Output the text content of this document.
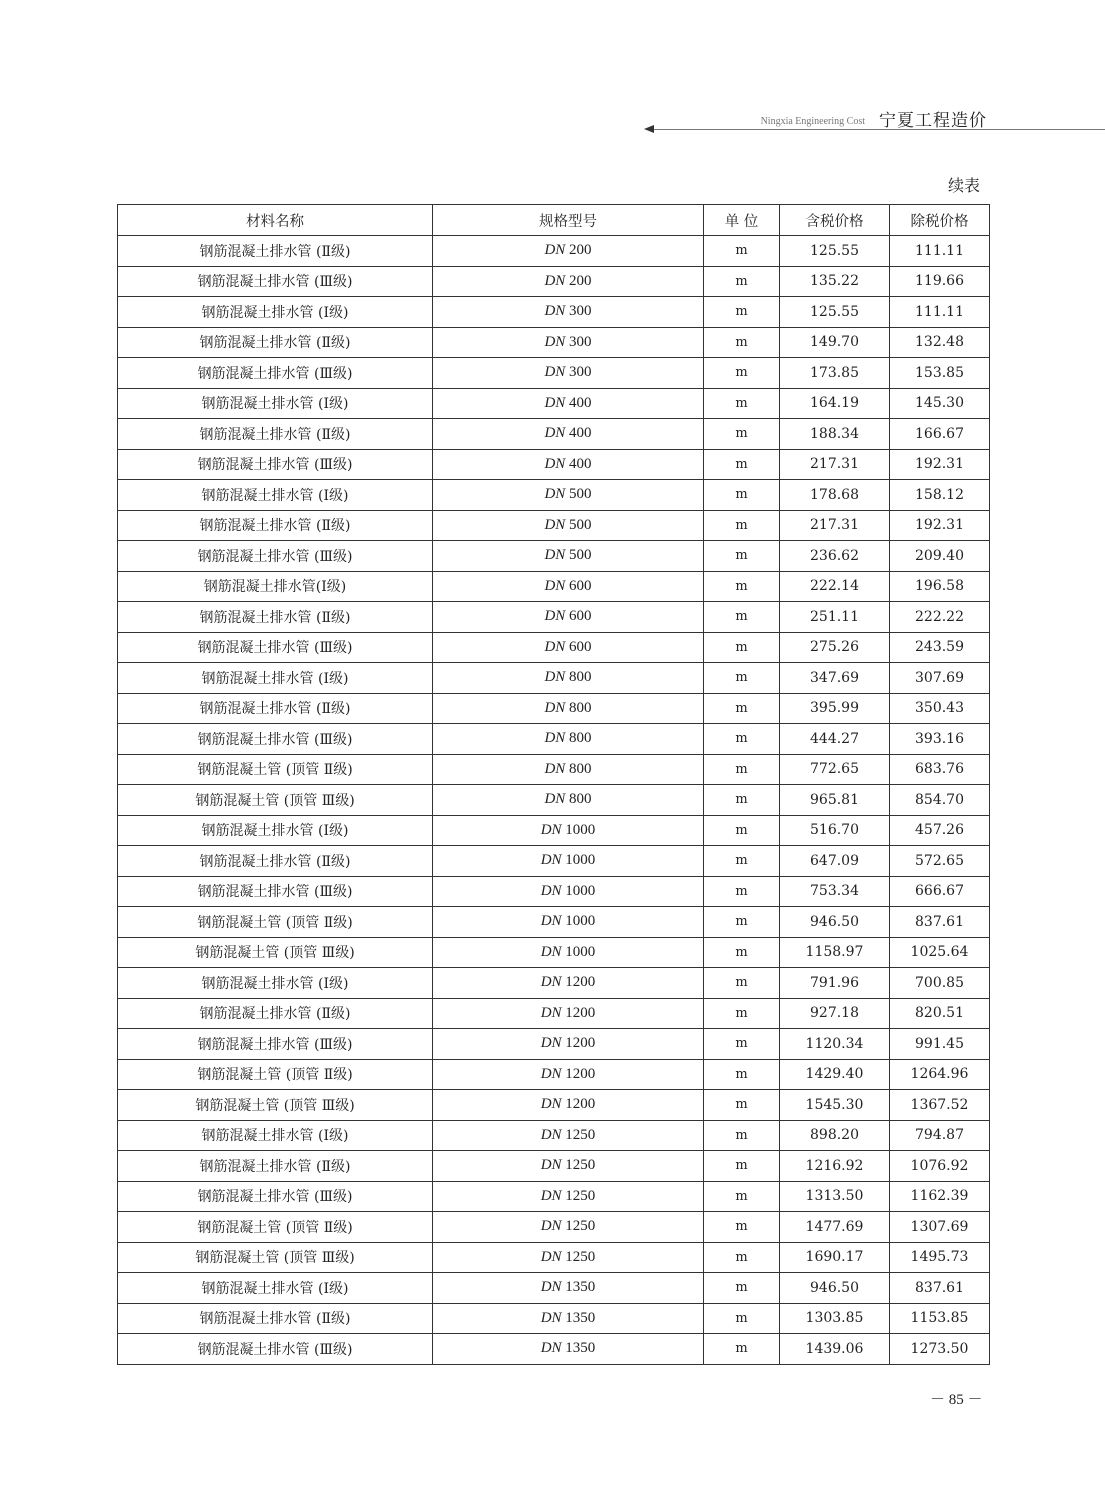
Ningxia Engineering Cost 宁夏工程造价
续表
材料名称	规格型号	单 位	含税价格	除税价格
钢筋混凝土排水管 (Ⅱ级)	DN 200	m	125.55	111.11
钢筋混凝土排水管 (Ⅲ级)	DN 200	m	135.22	119.66
钢筋混凝土排水管 (Ⅰ级)	DN 300	m	125.55	111.11
钢筋混凝土排水管 (Ⅱ级)	DN 300	m	149.70	132.48
钢筋混凝土排水管 (Ⅲ级)	DN 300	m	173.85	153.85
钢筋混凝土排水管 (Ⅰ级)	DN 400	m	164.19	145.30
钢筋混凝土排水管 (Ⅱ级)	DN 400	m	188.34	166.67
钢筋混凝土排水管 (Ⅲ级)	DN 400	m	217.31	192.31
钢筋混凝土排水管 (Ⅰ级)	DN 500	m	178.68	158.12
钢筋混凝土排水管 (Ⅱ级)	DN 500	m	217.31	192.31
钢筋混凝土排水管 (Ⅲ级)	DN 500	m	236.62	209.40
钢筋混凝土排水管(Ⅰ级)	DN 600	m	222.14	196.58
钢筋混凝土排水管 (Ⅱ级)	DN 600	m	251.11	222.22
钢筋混凝土排水管 (Ⅲ级)	DN 600	m	275.26	243.59
钢筋混凝土排水管 (Ⅰ级)	DN 800	m	347.69	307.69
钢筋混凝土排水管 (Ⅱ级)	DN 800	m	395.99	350.43
钢筋混凝土排水管 (Ⅲ级)	DN 800	m	444.27	393.16
钢筋混凝土管 (顶管 Ⅱ级)	DN 800	m	772.65	683.76
钢筋混凝土管 (顶管 Ⅲ级)	DN 800	m	965.81	854.70
钢筋混凝土排水管 (Ⅰ级)	DN 1000	m	516.70	457.26
钢筋混凝土排水管 (Ⅱ级)	DN 1000	m	647.09	572.65
钢筋混凝土排水管 (Ⅲ级)	DN 1000	m	753.34	666.67
钢筋混凝土管 (顶管 Ⅱ级)	DN 1000	m	946.50	837.61
钢筋混凝土管 (顶管 Ⅲ级)	DN 1000	m	1158.97	1025.64
钢筋混凝土排水管 (Ⅰ级)	DN 1200	m	791.96	700.85
钢筋混凝土排水管 (Ⅱ级)	DN 1200	m	927.18	820.51
钢筋混凝土排水管 (Ⅲ级)	DN 1200	m	1120.34	991.45
钢筋混凝土管 (顶管 Ⅱ级)	DN 1200	m	1429.40	1264.96
钢筋混凝土管 (顶管 Ⅲ级)	DN 1200	m	1545.30	1367.52
钢筋混凝土排水管 (Ⅰ级)	DN 1250	m	898.20	794.87
钢筋混凝土排水管 (Ⅱ级)	DN 1250	m	1216.92	1076.92
钢筋混凝土排水管 (Ⅲ级)	DN 1250	m	1313.50	1162.39
钢筋混凝土管 (顶管 Ⅱ级)	DN 1250	m	1477.69	1307.69
钢筋混凝土管 (顶管 Ⅲ级)	DN 1250	m	1690.17	1495.73
钢筋混凝土排水管 (Ⅰ级)	DN 1350	m	946.50	837.61
钢筋混凝土排水管 (Ⅱ级)	DN 1350	m	1303.85	1153.85
钢筋混凝土排水管 (Ⅲ级)	DN 1350	m	1439.06	1273.50
－ 85 －
